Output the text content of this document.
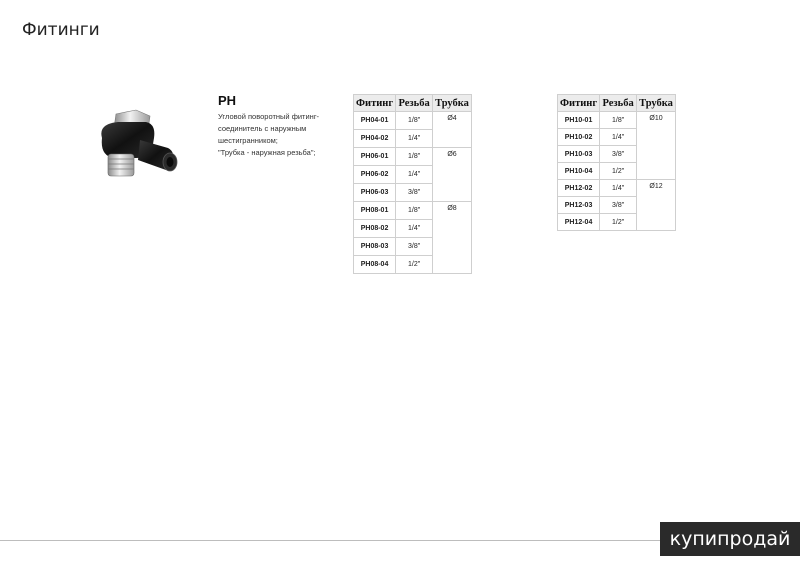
Фитинги
PH
Угловой поворотный фитинг-
соединитель с наружным
шестигранником;
"Трубка - наружная резьба";
Фитинг	Резьба	Трубка
PH04-01	1/8"	Ø4
PH04-02	1/4"	
PH06-01	1/8"	Ø6
PH06-02	1/4"	
PH06-03	3/8"	
PH08-01	1/8"	Ø8
PH08-02	1/4"	
PH08-03	3/8"	
PH08-04	1/2"	
Фитинг	Резьба	Трубка
PH10-01	1/8"	Ø10
PH10-02	1/4"	
PH10-03	3/8"	
PH10-04	1/2"	
PH12-02	1/4"	Ø12
PH12-03	3/8"	
PH12-04	1/2"	
купипродай
